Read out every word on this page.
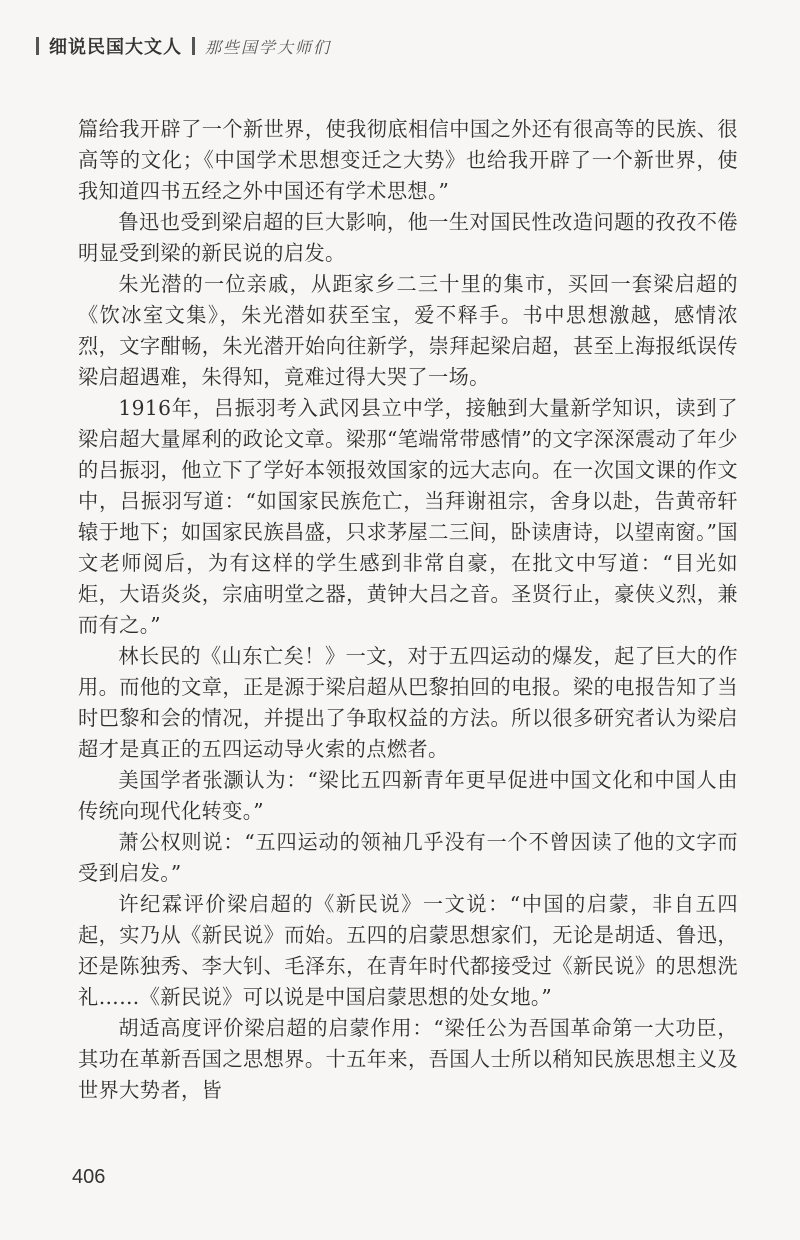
细说民国大文人 那些国学大师们

篇给我开辟了一个新世界，使我彻底相信中国之外还有很高等的民族、很高等的文化；《中国学术思想变迁之大势》也给我开辟了一个新世界，使我知道四书五经之外中国还有学术思想。”

鲁迅也受到梁启超的巨大影响，他一生对国民性改造问题的孜孜不倦明显受到梁的新民说的启发。

朱光潜的一位亲戚，从距家乡二三十里的集市，买回一套梁启超的《饮冰室文集》，朱光潜如获至宝，爱不释手。书中思想激越，感情浓烈，文字酣畅，朱光潜开始向往新学，崇拜起梁启超，甚至上海报纸误传梁启超遇难，朱得知，竟难过得大哭了一场。

1916年，吕振羽考入武冈县立中学，接触到大量新学知识，读到了梁启超大量犀利的政论文章。梁那“笔端常带感情”的文字深深震动了年少的吕振羽，他立下了学好本领报效国家的远大志向。在一次国文课的作文中，吕振羽写道：“如国家民族危亡，当拜谢祖宗，舍身以赴，告黄帝轩辕于地下；如国家民族昌盛，只求茅屋二三间，卧读唐诗，以望南窗。”国文老师阅后，为有这样的学生感到非常自豪，在批文中写道：“目光如炬，大语炎炎，宗庙明堂之器，黄钟大吕之音。圣贤行止，豪侠义烈，兼而有之。”

林长民的《山东亡矣！》一文，对于五四运动的爆发，起了巨大的作用。而他的文章，正是源于梁启超从巴黎拍回的电报。梁的电报告知了当时巴黎和会的情况，并提出了争取权益的方法。所以很多研究者认为梁启超才是真正的五四运动导火索的点燃者。

美国学者张灏认为：“梁比五四新青年更早促进中国文化和中国人由传统向现代化转变。”

萧公权则说：“五四运动的领袖几乎没有一个不曾因读了他的文字而受到启发。”

许纪霖评价梁启超的《新民说》一文说：“中国的启蒙，非自五四起，实乃从《新民说》而始。五四的启蒙思想家们，无论是胡适、鲁迅，还是陈独秀、李大钊、毛泽东，在青年时代都接受过《新民说》的思想洗礼……《新民说》可以说是中国启蒙思想的处女地。”

胡适高度评价梁启超的启蒙作用：“梁任公为吾国革命第一大功臣，其功在革新吾国之思想界。十五年来，吾国人士所以稍知民族思想主义及世界大势者，皆

406
